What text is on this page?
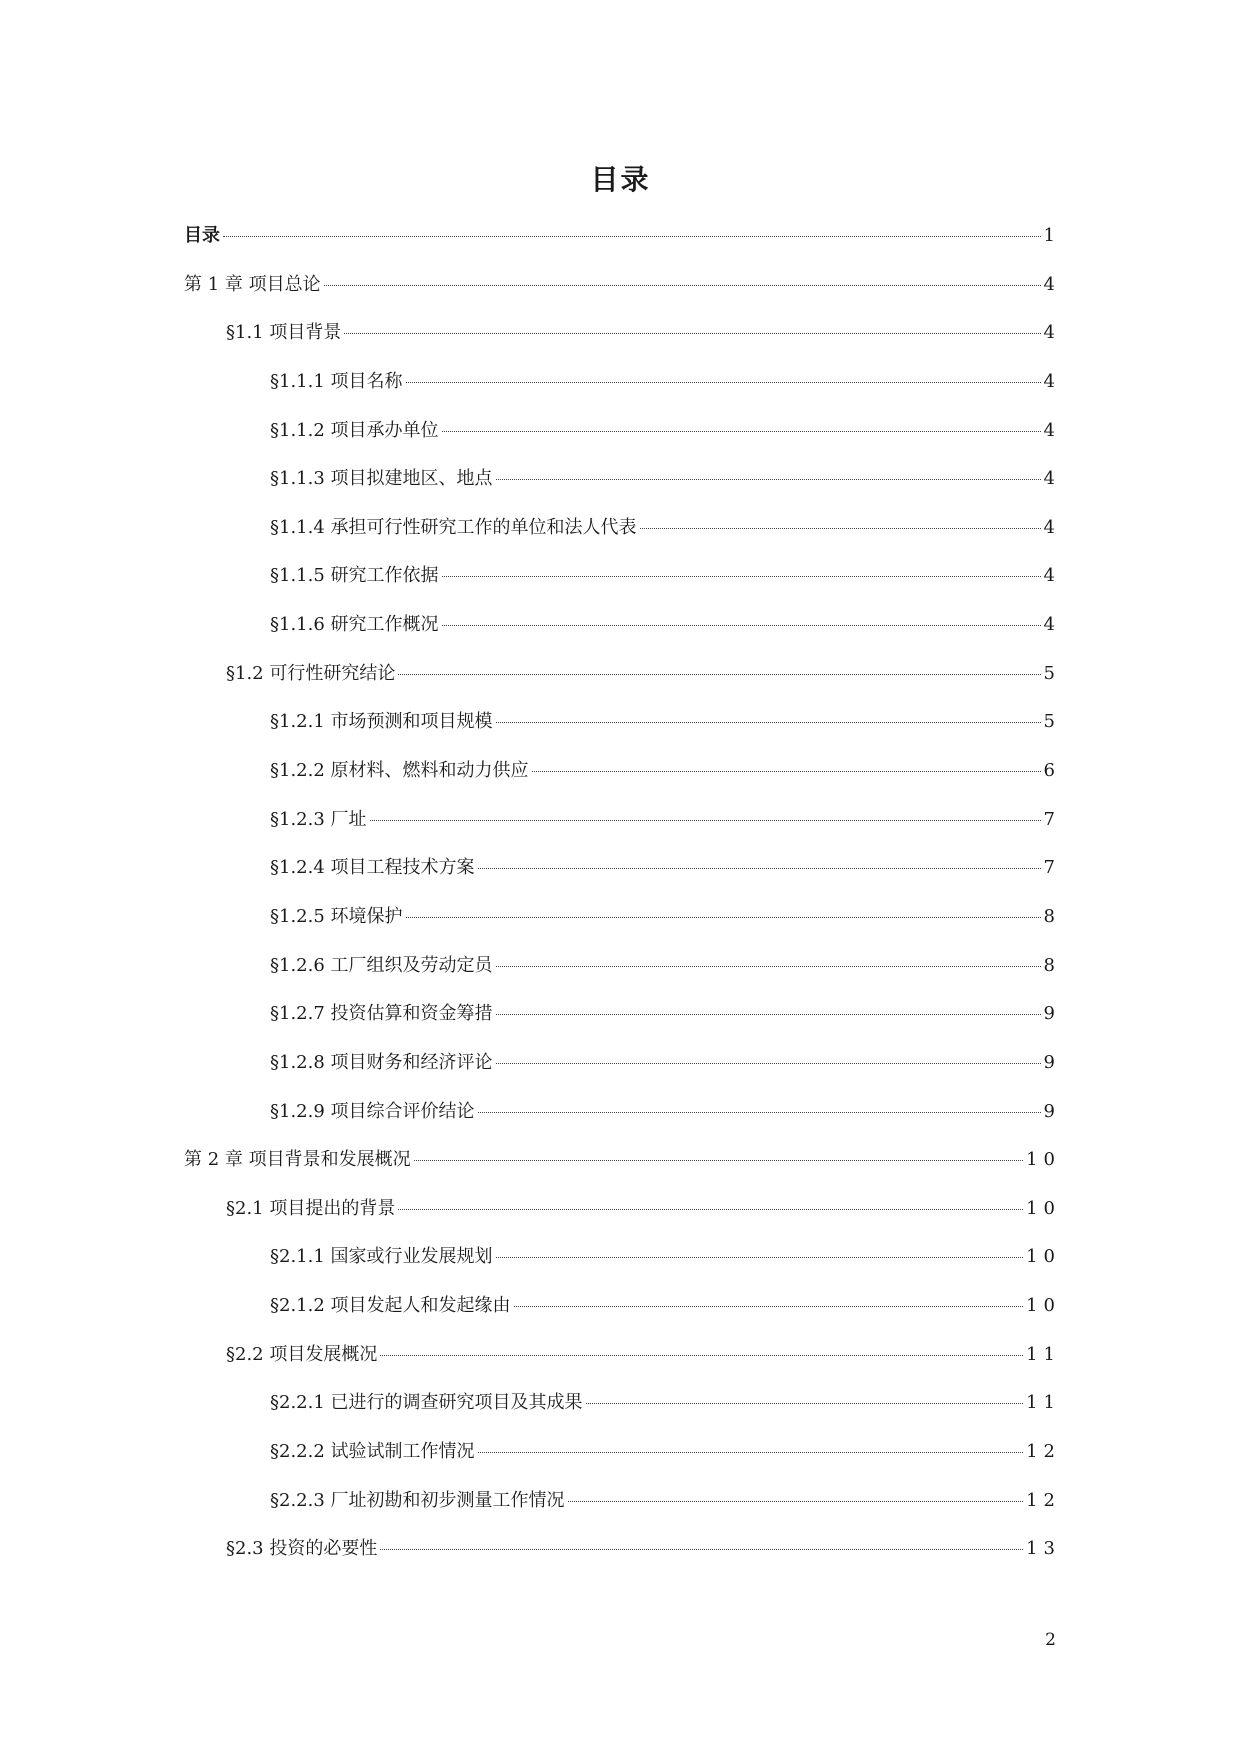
目录
目录	1
第 1 章 项目总论	4
§1.1 项目背景	4
§1.1.1 项目名称	4
§1.1.2 项目承办单位	4
§1.1.3 项目拟建地区、地点	4
§1.1.4 承担可行性研究工作的单位和法人代表	4
§1.1.5 研究工作依据	4
§1.1.6 研究工作概况	4
§1.2 可行性研究结论	5
§1.2.1 市场预测和项目规模	5
§1.2.2 原材料、燃料和动力供应	6
§1.2.3 厂址	7
§1.2.4 项目工程技术方案	7
§1.2.5 环境保护	8
§1.2.6 工厂组织及劳动定员	8
§1.2.7 投资估算和资金筹措	9
§1.2.8 项目财务和经济评论	9
§1.2.9 项目综合评价结论	9
第 2 章 项目背景和发展概况	10
§2.1 项目提出的背景	10
§2.1.1 国家或行业发展规划	10
§2.1.2 项目发起人和发起缘由	10
§2.2 项目发展概况	11
§2.2.1 已进行的调查研究项目及其成果	11
§2.2.2 试验试制工作情况	12
§2.2.3 厂址初勘和初步测量工作情况	12
§2.3 投资的必要性	13

2
